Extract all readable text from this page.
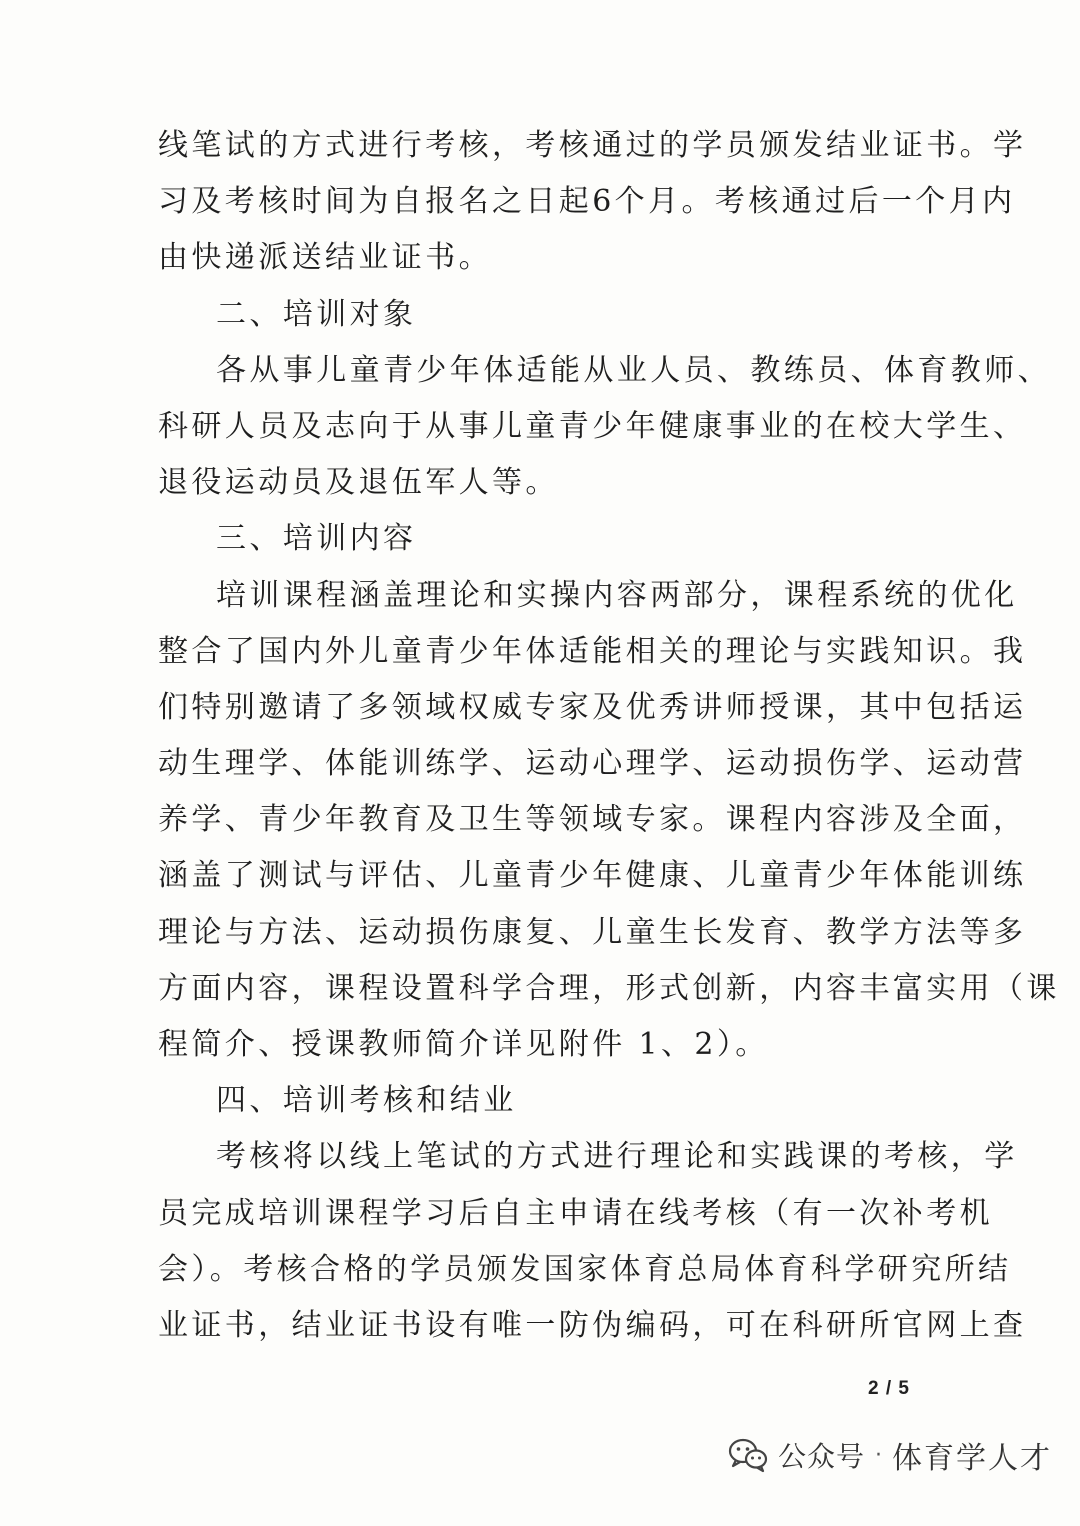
线笔试的方式进行考核，考核通过的学员颁发结业证书。学
习及考核时间为自报名之日起6个月。考核通过后一个月内
由快递派送结业证书。
二、培训对象
各从事儿童青少年体适能从业人员、教练员、体育教师、
科研人员及志向于从事儿童青少年健康事业的在校大学生、
退役运动员及退伍军人等。
三、培训内容
培训课程涵盖理论和实操内容两部分，课程系统的优化
整合了国内外儿童青少年体适能相关的理论与实践知识。我
们特别邀请了多领域权威专家及优秀讲师授课，其中包括运
动生理学、体能训练学、运动心理学、运动损伤学、运动营
养学、青少年教育及卫生等领域专家。课程内容涉及全面，
涵盖了测试与评估、儿童青少年健康、儿童青少年体能训练
理论与方法、运动损伤康复、儿童生长发育、教学方法等多
方面内容，课程设置科学合理，形式创新，内容丰富实用（课
程简介、授课教师简介详见附件 1、2）。
四、培训考核和结业
考核将以线上笔试的方式进行理论和实践课的考核，学
员完成培训课程学习后自主申请在线考核（有一次补考机
会）。考核合格的学员颁发国家体育总局体育科学研究所结
业证书，结业证书设有唯一防伪编码，可在科研所官网上查
2 / 5
公众号 · 体育学人才
